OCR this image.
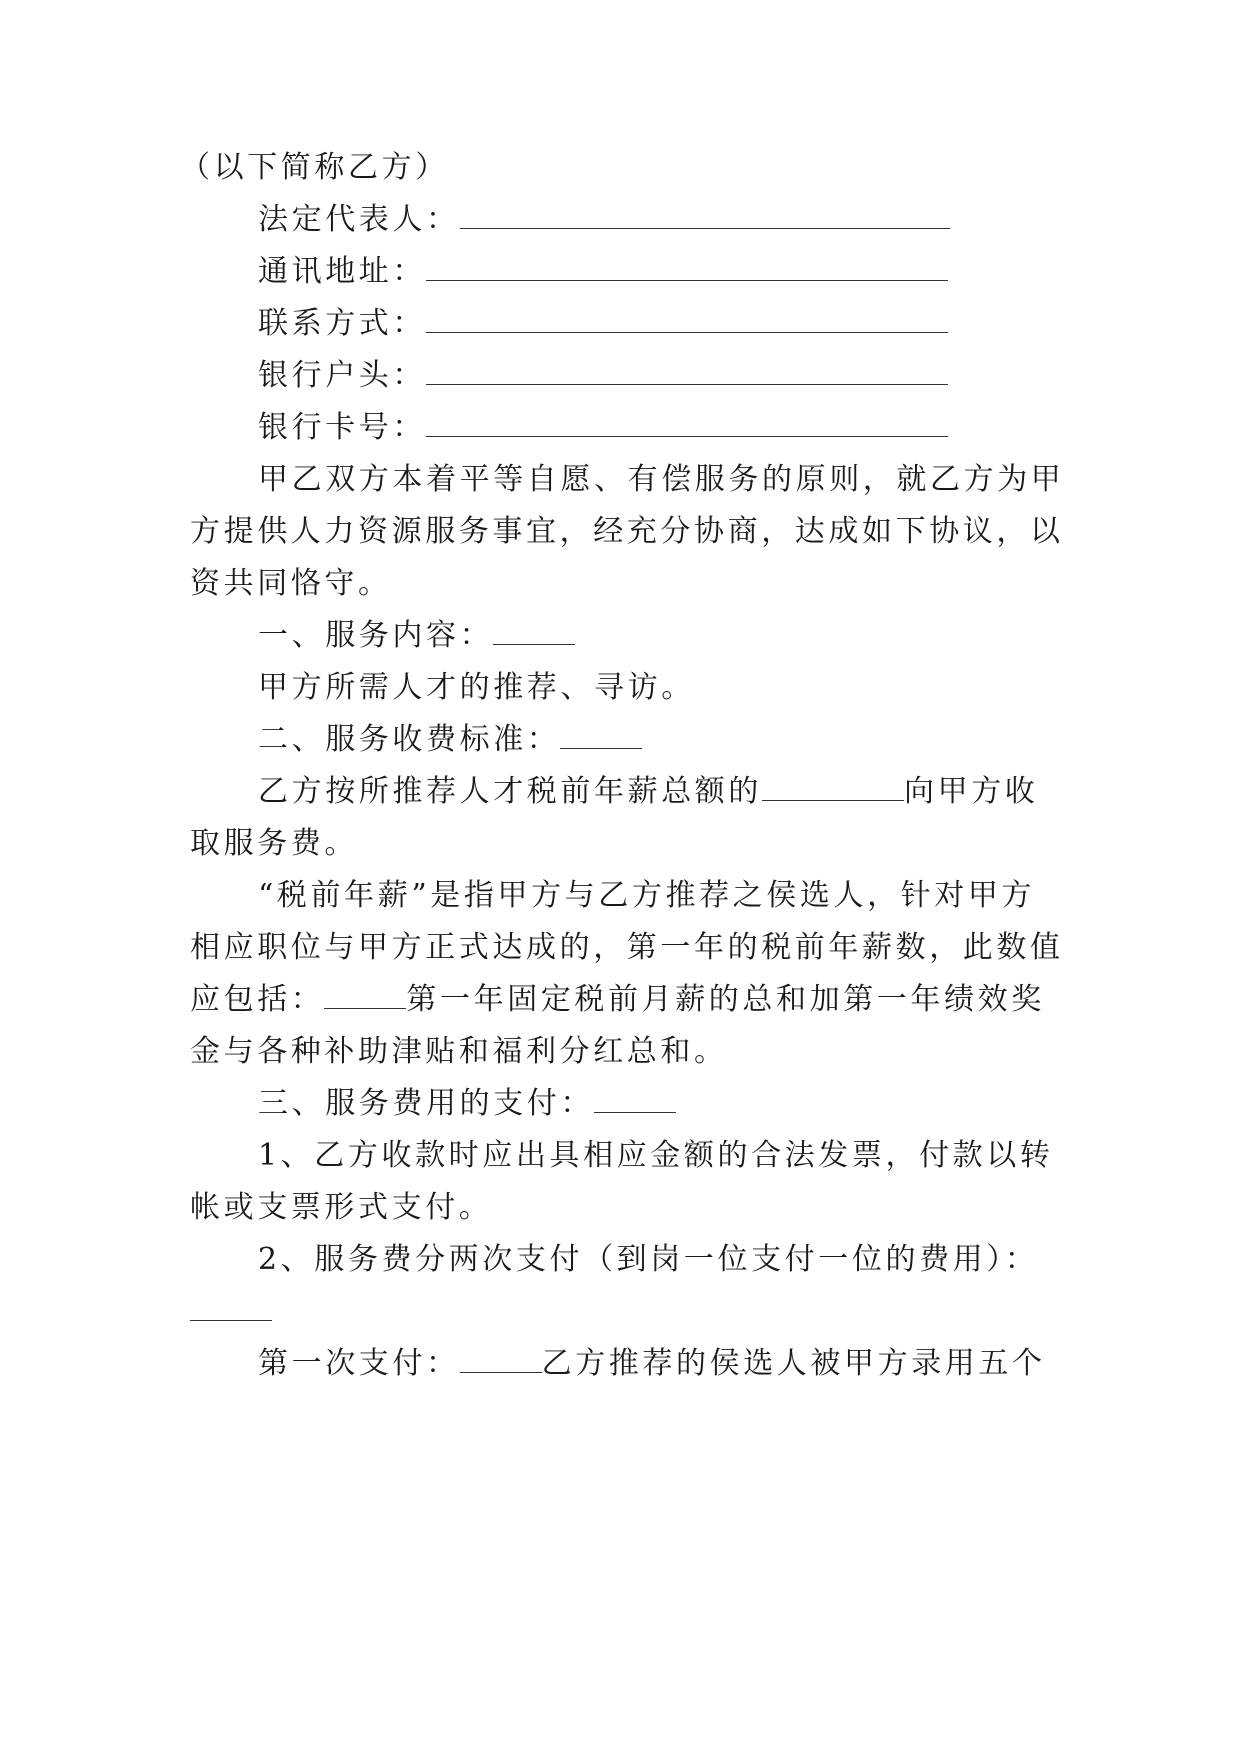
（以下简称乙方）
法定代表人：
通讯地址：
联系方式：
银行户头：
银行卡号：
甲乙双方本着平等自愿、有偿服务的原则，就乙方为甲
方提供人力资源服务事宜，经充分协商，达成如下协议，以
资共同恪守。
一、服务内容：
甲方所需人才的推荐、寻访。
二、服务收费标准：
乙方按所推荐人才税前年薪总额的	向甲方收
取服务费。
“税前年薪”是指甲方与乙方推荐之侯选人，针对甲方
相应职位与甲方正式达成的，第一年的税前年薪数，此数值
应包括：	第一年固定税前月薪的总和加第一年绩效奖
金与各种补助津贴和福利分红总和。
三、服务费用的支付：
1、乙方收款时应出具相应金额的合法发票，付款以转
帐或支票形式支付。
2、服务费分两次支付（到岗一位支付一位的费用）：
第一次支付：	乙方推荐的侯选人被甲方录用五个
